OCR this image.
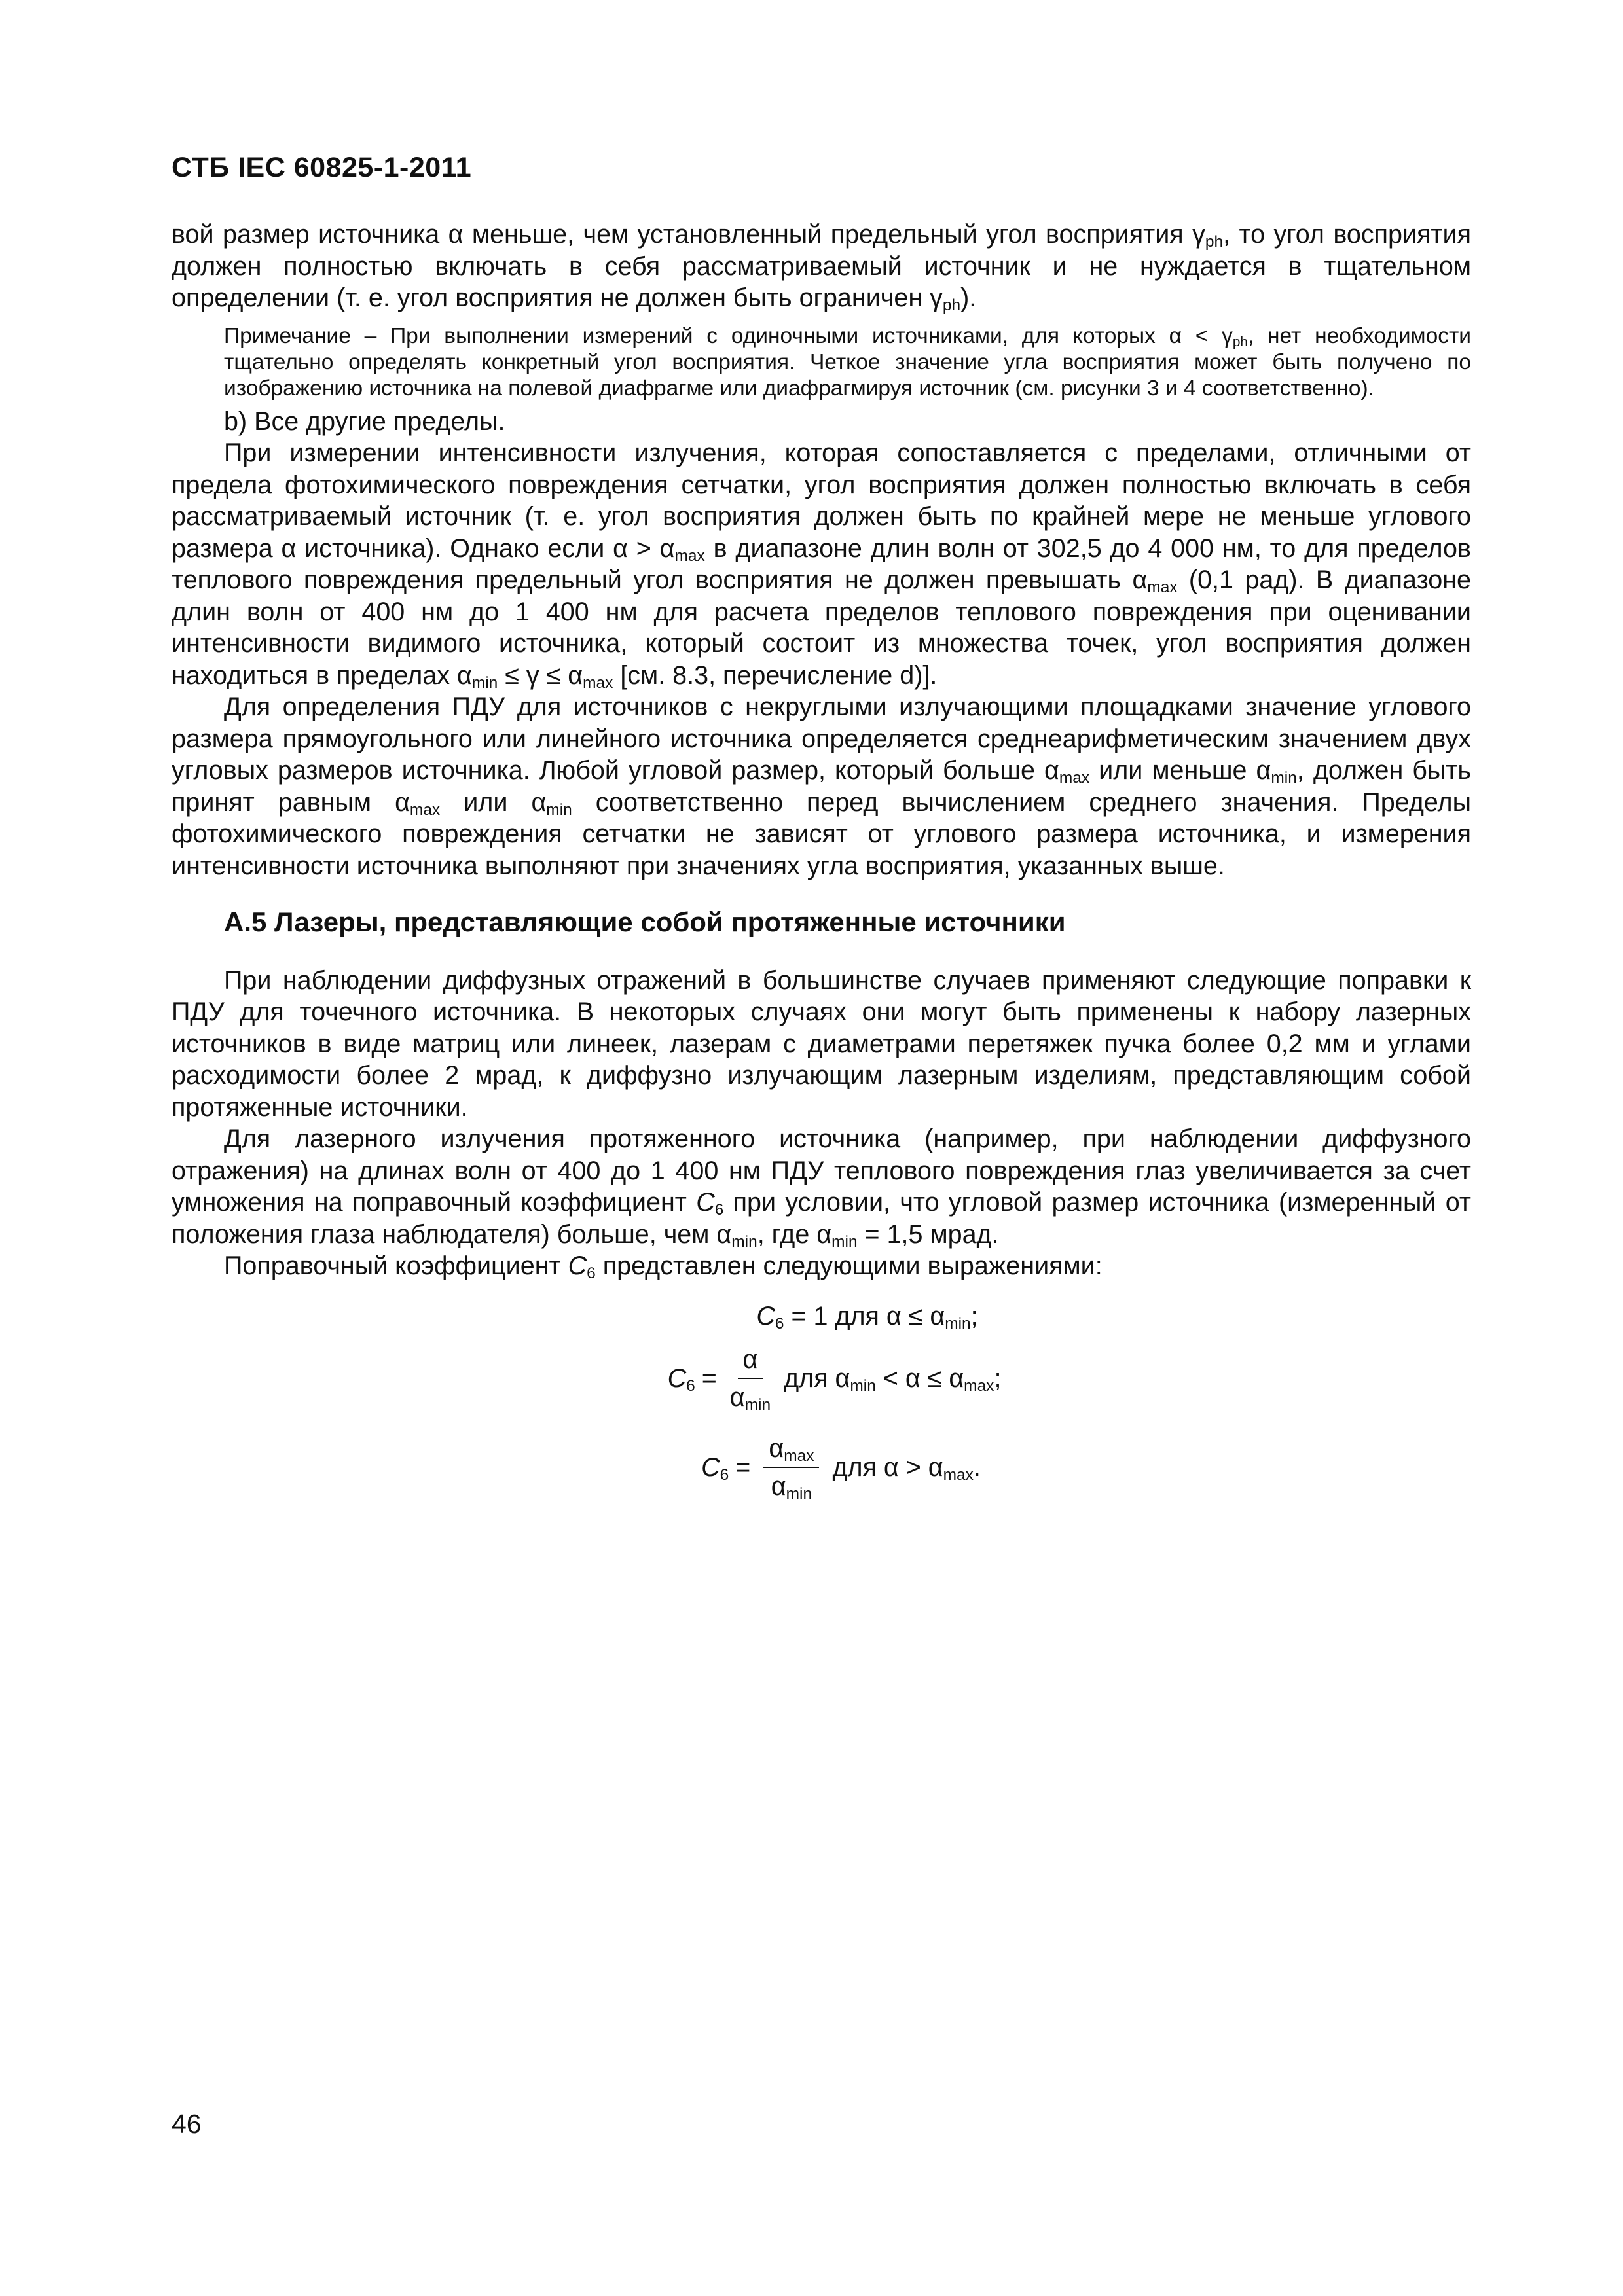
СТБ IEC 60825-1-2011

вой размер источника α меньше, чем установленный предельный угол восприятия $\gamma_{ph}$, то угол восприятия должен полностью включать в себя рассматриваемый источник и не нуждается в тщательном определении (т. е. угол восприятия не должен быть ограничен $\gamma_{ph}$).

Примечание – При выполнении измерений с одиночными источниками, для которых $\alpha < \gamma_{ph}$, нет необходимости тщательно определять конкретный угол восприятия. Четкое значение угла восприятия может быть получено по изображению источника на полевой диафрагме или диафрагмируя источник (см. рисунки 3 и 4 соответственно).

b) Все другие пределы.

При измерении интенсивности излучения, которая сопоставляется с пределами, отличными от предела фотохимического повреждения сетчатки, угол восприятия должен полностью включать в себя рассматриваемый источник (т. е. угол восприятия должен быть по крайней мере не меньше углового размера α источника). Однако если $\alpha > \alpha_{max}$ в диапазоне длин волн от 302,5 до 4 000 нм, то для пределов теплового повреждения предельный угол восприятия не должен превышать $\alpha_{max}$ (0,1 рад). В диапазоне длин волн от 400 нм до 1 400 нм для расчета пределов теплового повреждения при оценивании интенсивности видимого источника, который состоит из множества точек, угол восприятия должен находиться в пределах $\alpha_{min} \le \gamma \le \alpha_{max}$ [см. 8.3, перечисление d)].

Для определения ПДУ для источников с некруглыми излучающими площадками значение углового размера прямоугольного или линейного источника определяется среднеарифметическим значением двух угловых размеров источника. Любой угловой размер, который больше $\alpha_{max}$ или меньше $\alpha_{min}$, должен быть принят равным $\alpha_{max}$ или $\alpha_{min}$ соответственно перед вычислением среднего значения. Пределы фотохимического повреждения сетчатки не зависят от углового размера источника, и измерения интенсивности источника выполняют при значениях угла восприятия, указанных выше.

А.5 Лазеры, представляющие собой протяженные источники

При наблюдении диффузных отражений в большинстве случаев применяют следующие поправки к ПДУ для точечного источника. В некоторых случаях они могут быть применены к набору лазерных источников в виде матриц или линеек, лазерам с диаметрами перетяжек пучка более 0,2 мм и углами расходимости более 2 мрад, к диффузно излучающим лазерным изделиям, представляющим собой протяженные источники.

Для лазерного излучения протяженного источника (например, при наблюдении диффузного отражения) на длинах волн от 400 до 1 400 нм ПДУ теплового повреждения глаз увеличивается за счет умножения на поправочный коэффициент $C_6$ при условии, что угловой размер источника (измеренный от положения глаза наблюдателя) больше, чем $\alpha_{min}$, где $\alpha_{min} = 1,5$ мрад.

Поправочный коэффициент $C_6$ представлен следующими выражениями:

$C_6 = 1$ для $\alpha \le \alpha_{min}$;
$C_6 = \frac{\alpha}{\alpha_{min}}$ для $\alpha_{min} < \alpha \le \alpha_{max}$;
$C_6 = \frac{\alpha_{max}}{\alpha_{min}}$ для $\alpha > \alpha_{max}$.
46
